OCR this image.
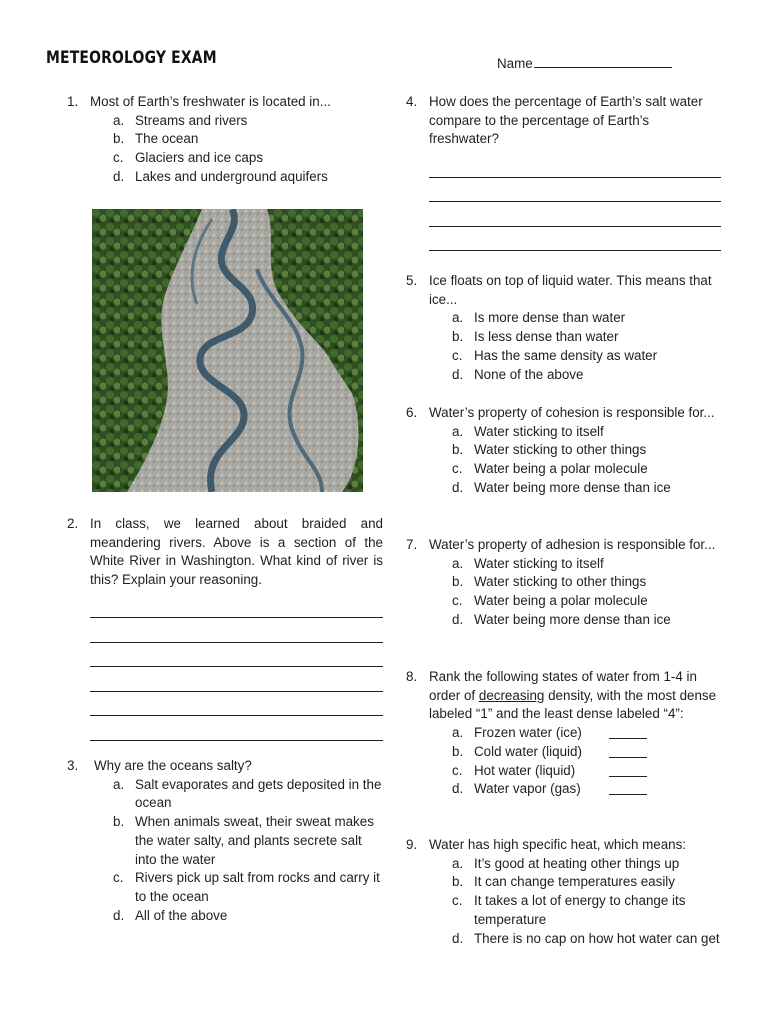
METEOROLOGY EXAM	Name
1. Most of Earth’s freshwater is located in...
a. Streams and rivers
b. The ocean
c. Glaciers and ice caps
d. Lakes and underground aquifers
2. In class, we learned about braided and meandering rivers. Above is a section of the White River in Washington. What kind of river is this? Explain your reasoning.
3. Why are the oceans salty?
a. Salt evaporates and gets deposited in the ocean
b. When animals sweat, their sweat makes the water salty, and plants secrete salt into the water
c. Rivers pick up salt from rocks and carry it to the ocean
d. All of the above
4. How does the percentage of Earth’s salt water compare to the percentage of Earth’s freshwater?
5. Ice floats on top of liquid water. This means that ice...
a. Is more dense than water
b. Is less dense than water
c. Has the same density as water
d. None of the above
6. Water’s property of cohesion is responsible for...
a. Water sticking to itself
b. Water sticking to other things
c. Water being a polar molecule
d. Water being more dense than ice
7. Water’s property of adhesion is responsible for...
a. Water sticking to itself
b. Water sticking to other things
c. Water being a polar molecule
d. Water being more dense than ice
8. Rank the following states of water from 1-4 in order of decreasing density, with the most dense labeled “1” and the least dense labeled “4”:
a. Frozen water (ice)
b. Cold water (liquid)
c. Hot water (liquid)
d. Water vapor (gas)
9. Water has high specific heat, which means:
a. It’s good at heating other things up
b. It can change temperatures easily
c. It takes a lot of energy to change its temperature
d. There is no cap on how hot water can get
